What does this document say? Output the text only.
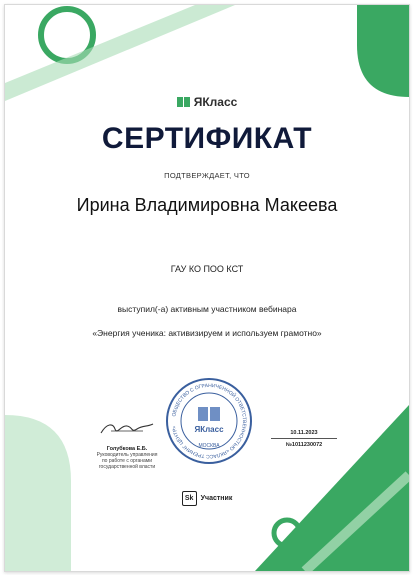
ЯКласс
СЕРТИФИКАТ
ПОДТВЕРЖДАЕТ, ЧТО
Ирина Владимировна Макеева
ГАУ КО ПОО КСТ
выступил(-а) активным участником вебинара
«Энергия ученика: активизируем и используем грамотно»
Голубкова Е.Б.
Руководитель управления
по работе с органами
государственной власти
ОБЩЕСТВО С ОГРАНИЧЕННОЙ ОТВЕТСТВЕННОСТЬЮ «ЯКЛАСС ТРЕНИНГ ЦЕНТР»	ЯКласс
МОСКВА
10.11.2023
№1011230072
Sk	Участник
